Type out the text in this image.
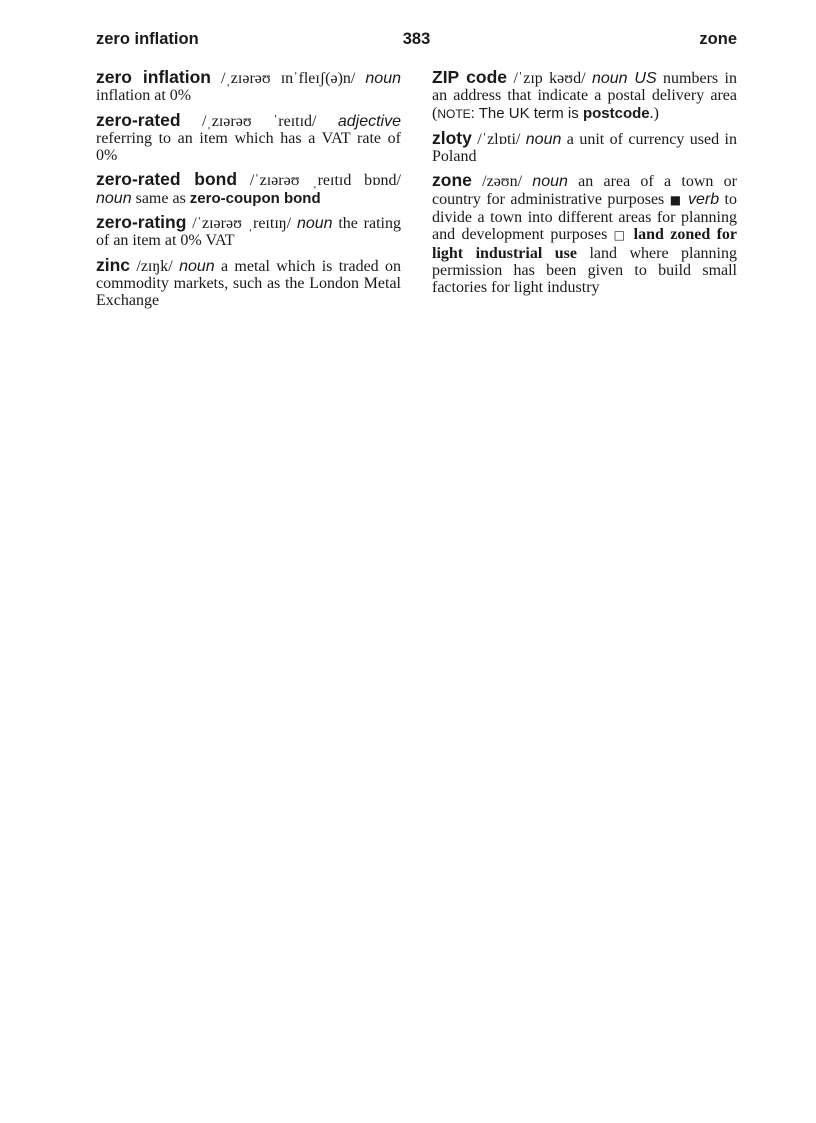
zero inflation	383	zone

zero inflation /ˌzɪərəʊ ɪnˈfleɪʃ(ə)n/ noun inflation at 0%

zero-rated /ˌzɪərəʊ ˈreɪtɪd/ adjective referring to an item which has a VAT rate of 0%

zero-rated bond /ˈzɪərəʊ ˌreɪtɪd bɒnd/ noun same as zero-coupon bond

zero-rating /ˈzɪərəʊ ˌreɪtɪŋ/ noun the rating of an item at 0% VAT

zinc /zɪŋk/ noun a metal which is traded on commodity markets, such as the London Metal Exchange

ZIP code /ˈzɪp kəʊd/ noun US numbers in an address that indicate a postal delivery area (NOTE: The UK term is postcode.)

zloty /ˈzlɒti/ noun a unit of currency used in Poland

zone /zəʊn/ noun an area of a town or country for administrative purposes ■ verb to divide a town into different areas for planning and development purposes □ land zoned for light industrial use land where planning permission has been given to build small factories for light industry
